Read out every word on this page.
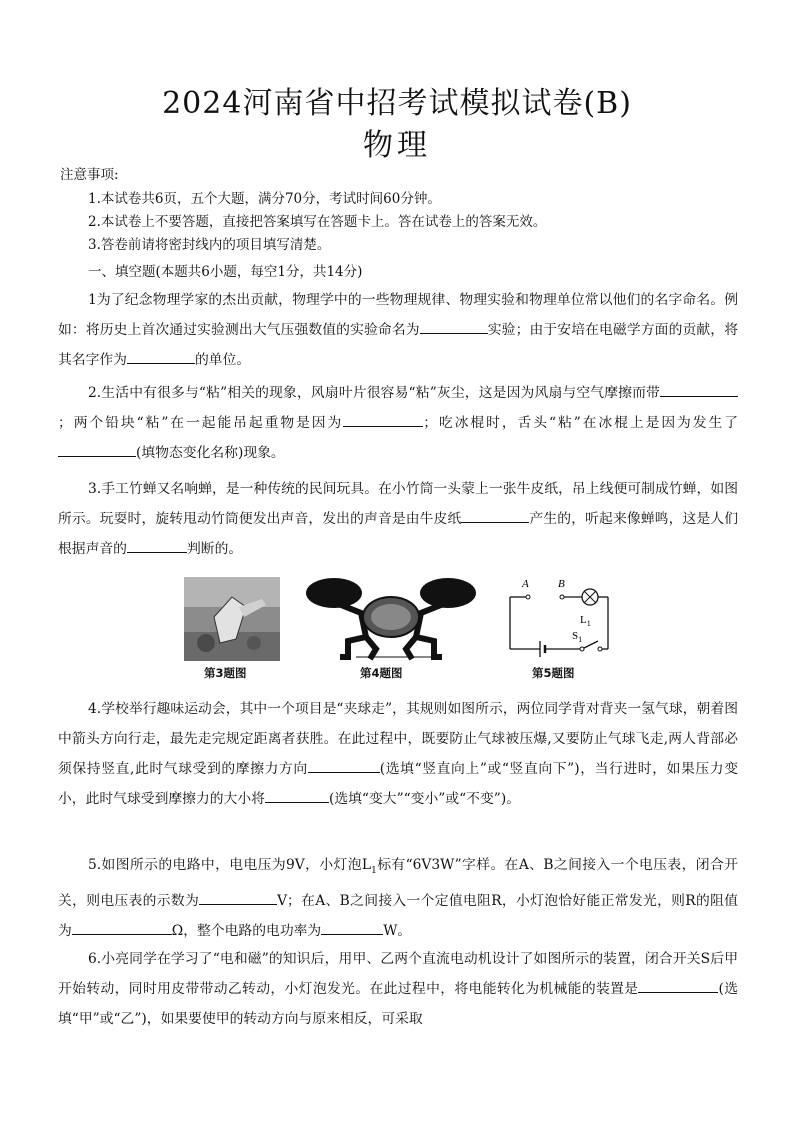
2024河南省中招考试模拟试卷(B)
物理
注意事项:
1.本试卷共6页，五个大题，满分70分，考试时间60分钟。
2.本试卷上不要答题，直接把答案填写在答题卡上。答在试卷上的答案无效。
3.答卷前请将密封线内的项目填写清楚。
一、填空题(本题共6小题，每空1分，共14分)
1为了纪念物理学家的杰出贡献，物理学中的一些物理规律、物理实验和物理单位常以他们的名字命名。例如：将历史上首次通过实验测出大气压强数值的实验命名为	实验；由于安培在电磁学方面的贡献，将其名字作为	的单位。
2.生活中有很多与“粘”相关的现象，风扇叶片很容易“粘”灰尘，这是因为风扇与空气摩擦而带；两个铅块“粘”在一起能吊起重物是因为	；吃冰棍时，舌头“粘”在冰棍上是因为发生了(填物态变化名称)现象。
3.手工竹蝉又名响蝉，是一种传统的民间玩具。在小竹筒一头蒙上一张牛皮纸，吊上线便可制成竹蝉，如图所示。玩耍时，旋转甩动竹筒便发出声音，发出的声音是由牛皮纸	产生的，听起来像蝉鸣，这是人们根据声音的	判断的。
第3题图	第4题图
A	B
$L_1$
$S_1$
第5题图
4.学校举行趣味运动会，其中一个项目是“夹球走”，其规则如图所示，两位同学背对背夹一氢气球，朝着图中箭头方向行走，最先走完规定距离者获胜。在此过程中，既要防止气球被压爆,又要防止气球飞走,两人背部必须保持竖直,此时气球受到的摩擦力方向	(选填“竖直向上”或“竖直向下”)，当行进时，如果压力变小，此时气球受到摩擦力的大小将	(选填“变大”“变小”或“不变”)。
5.如图所示的电路中，电电压为9V，小灯泡$L_1$标有“6V3W”字样。在A、B之间接入一个电压表，闭合开关，则电压表的示数为	V；在A、B之间接入一个定值电阻R，小灯泡恰好能正常发光，则R的阻值为	Ω，整个电路的电功率为	W。
6.小亮同学在学习了“电和磁”的知识后，用甲、乙两个直流电动机设计了如图所示的装置，闭合开关S后甲开始转动，同时用皮带带动乙转动，小灯泡发光。在此过程中，将电能转化为机械能的装置是	(选填“甲”或“乙”)，如果要使甲的转动方向与原来相反，可采取
